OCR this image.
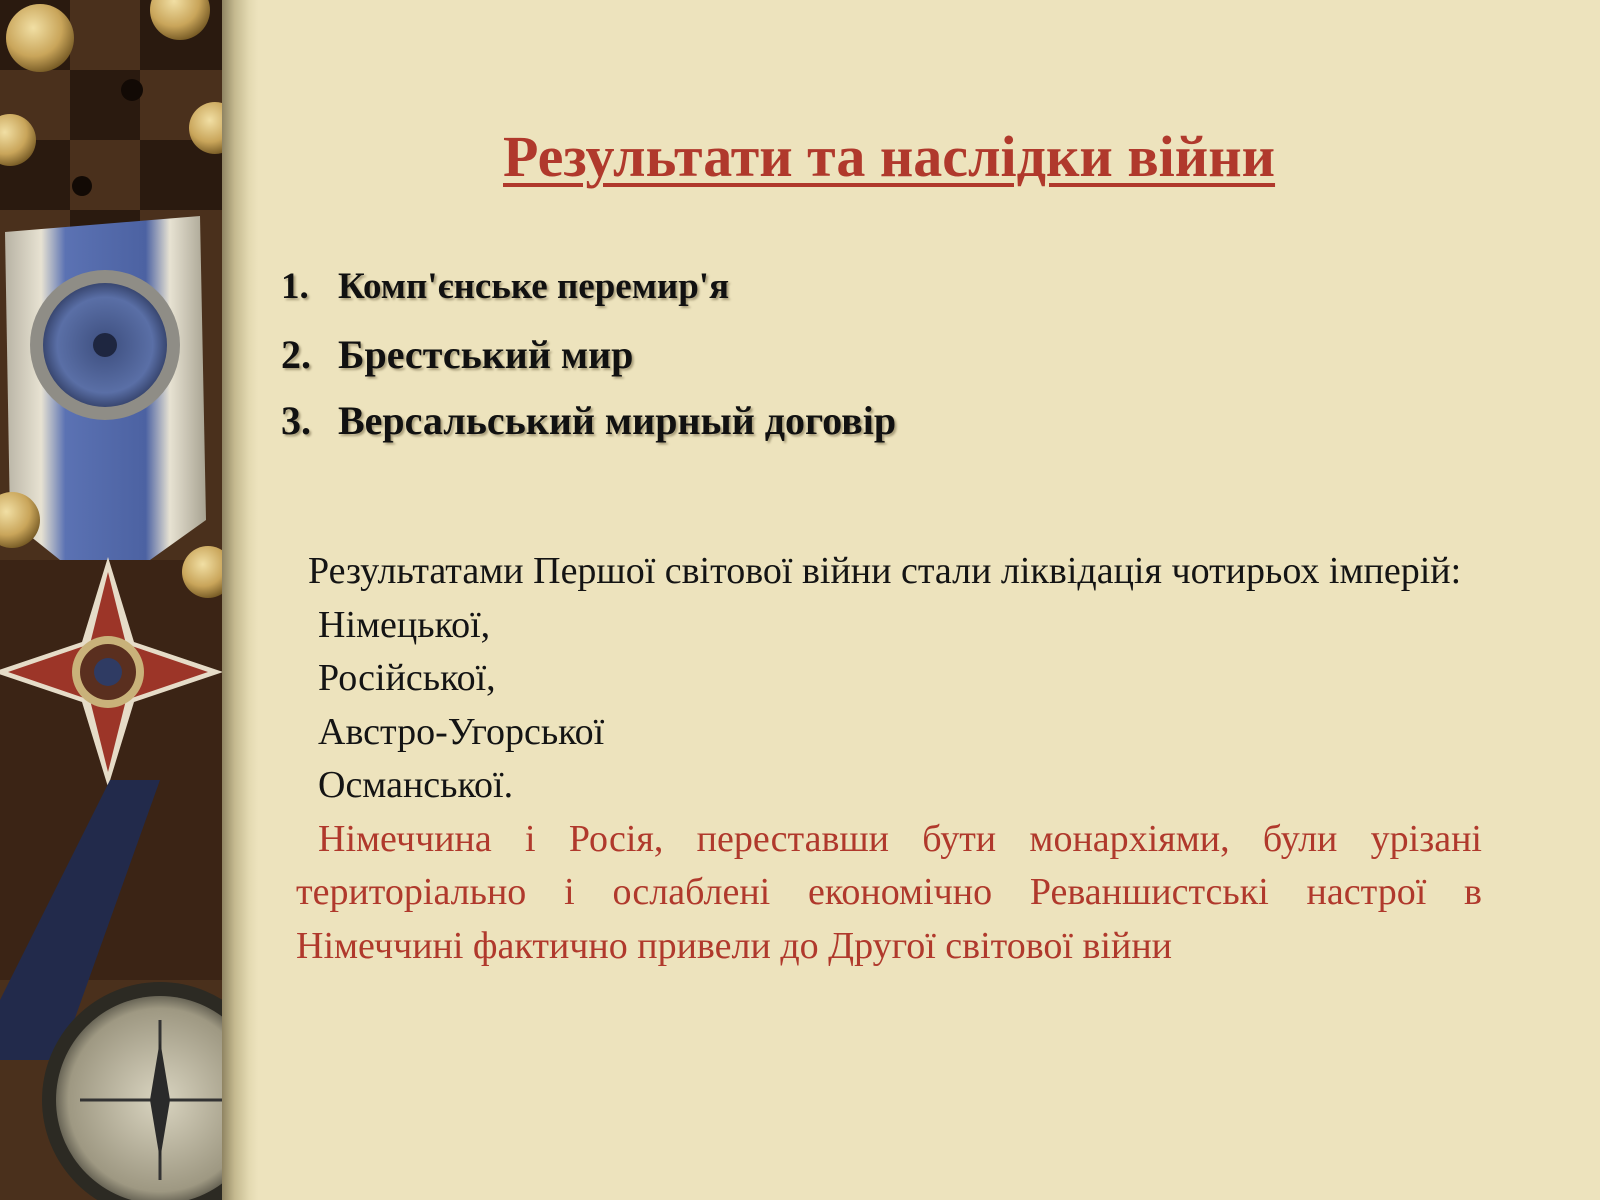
Результати та наслідки війни
1. Комп'єнське перемир'я
2. Брестський мир
3. Версальський мирный договір

Результатами Першої світової війни стали ліквідація чотирьох імперій:

Німецької,

Російської,

Австро-Угорської

Османської.

Німеччина і Росія, переставши бути монархіями, були урізані територіально і ослаблені економічно Реваншистські настрої в Німеччині фактично привели до Другої світової війни
